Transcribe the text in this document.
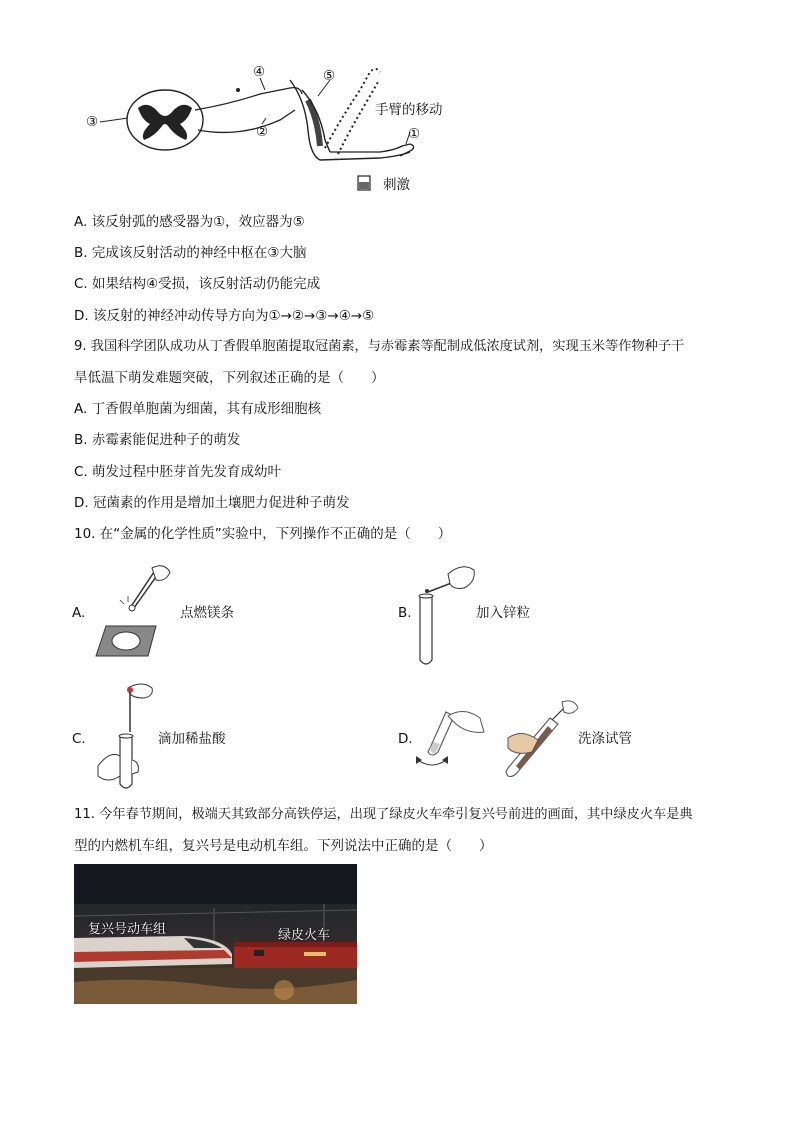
③
④
②
⑤
①
手臂的移动
刺激
A. 该反射弧的感受器为①，效应器为⑤
B. 完成该反射活动的神经中枢在③大脑
C. 如果结构④受损，该反射活动仍能完成
D. 该反射的神经冲动传导方向为①→②→③→④→⑤
9. 我国科学团队成功从丁香假单胞菌提取冠菌素，与赤霉素等配制成低浓度试剂，实现玉米等作物种子干
旱低温下萌发难题突破，下列叙述正确的是（　　）
A. 丁香假单胞菌为细菌，其有成形细胞核
B. 赤霉素能促进种子的萌发
C. 萌发过程中胚芽首先发育成幼叶
D. 冠菌素的作用是增加土壤肥力促进种子萌发
10. 在“金属的化学性质”实验中，下列操作不正确的是（　　）
A.	点燃镁条	B.	加入锌粒
C.	滴加稀盐酸	D.	洗涤试管
11. 今年春节期间，极端天其致部分高铁停运，出现了绿皮火车牵引复兴号前进的画面，其中绿皮火车是典
型的内燃机车组，复兴号是电动机车组。下列说法中正确的是（　　）
复兴号动车组	绿皮火车
